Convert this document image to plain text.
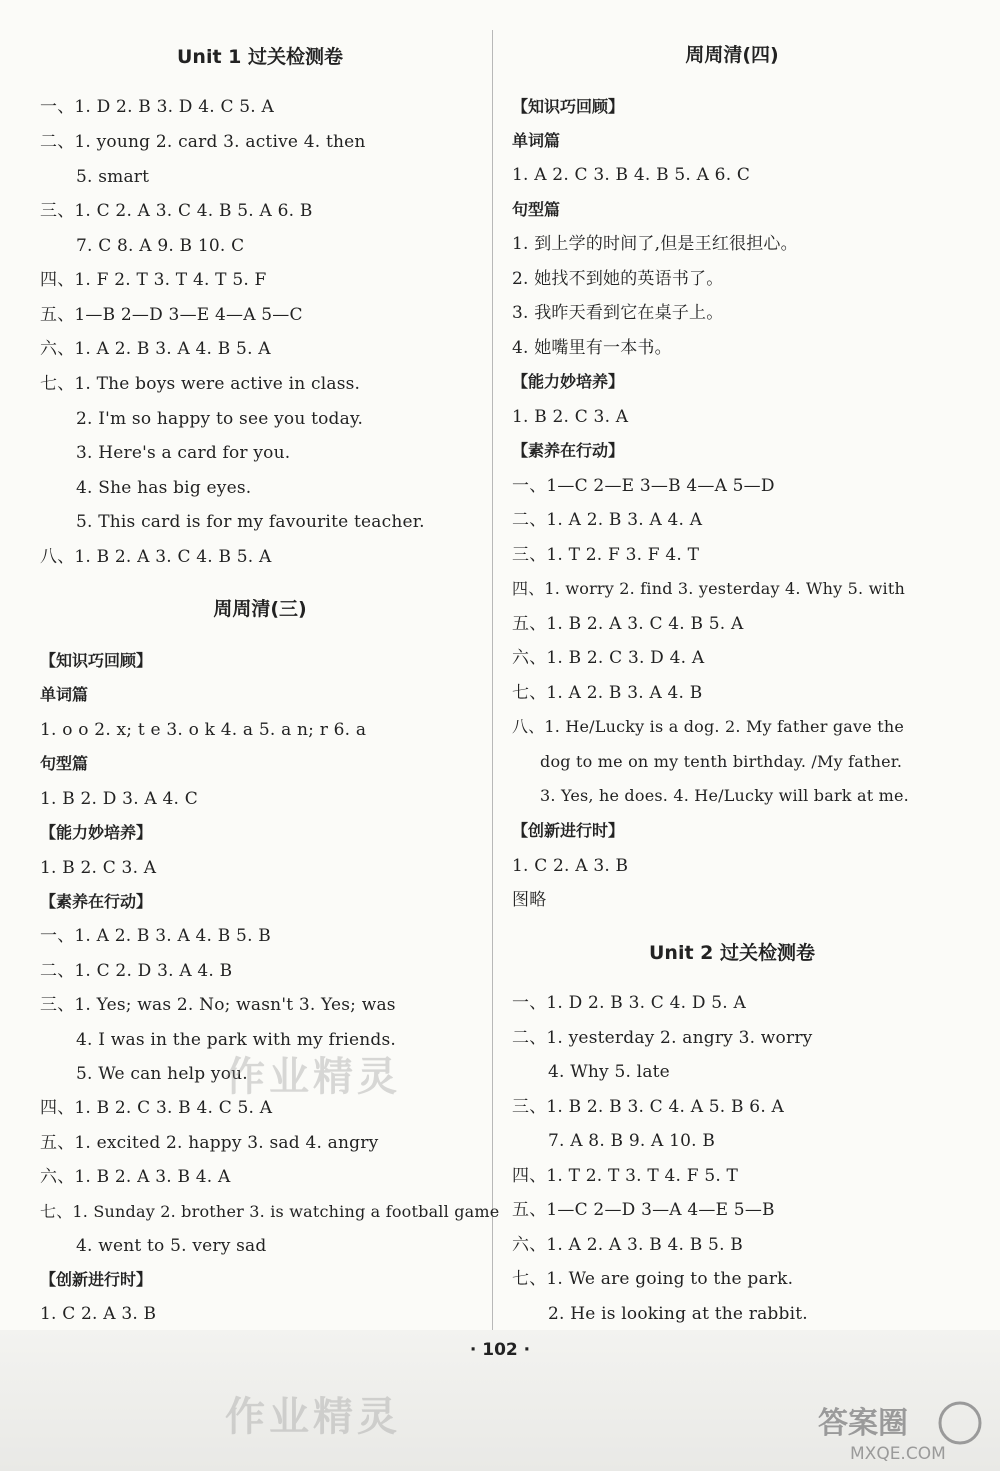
Unit 1 过关检测卷
一、1. D 2. B 3. D 4. C 5. A
二、1. young 2. card 3. active 4. then
5. smart
三、1. C 2. A 3. C 4. B 5. A 6. B
7. C 8. A 9. B 10. C
四、1. F 2. T 3. T 4. T 5. F
五、1—B 2—D 3—E 4—A 5—C
六、1. A 2. B 3. A 4. B 5. A
七、1. The boys were active in class.
2. I'm so happy to see you today.
3. Here's a card for you.
4. She has big eyes.
5. This card is for my favourite teacher.
八、1. B 2. A 3. C 4. B 5. A
周周清(三)
【知识巧回顾】
单词篇
1. o o 2. x; t e 3. o k 4. a 5. a n; r 6. a
句型篇
1. B 2. D 3. A 4. C
【能力妙培养】
1. B 2. C 3. A
【素养在行动】
一、1. A 2. B 3. A 4. B 5. B
二、1. C 2. D 3. A 4. B
三、1. Yes; was 2. No; wasn't 3. Yes; was
4. I was in the park with my friends.
5. We can help you.
四、1. B 2. C 3. B 4. C 5. A
五、1. excited 2. happy 3. sad 4. angry
六、1. B 2. A 3. B 4. A
七、1. Sunday 2. brother 3. is watching a football game
4. went to 5. very sad
【创新进行时】
1. C 2. A 3. B
周周清(四)
【知识巧回顾】
单词篇
1. A 2. C 3. B 4. B 5. A 6. C
句型篇
1. 到上学的时间了,但是王红很担心。
2. 她找不到她的英语书了。
3. 我昨天看到它在桌子上。
4. 她嘴里有一本书。
【能力妙培养】
1. B 2. C 3. A
【素养在行动】
一、1—C 2—E 3—B 4—A 5—D
二、1. A 2. B 3. A 4. A
三、1. T 2. F 3. F 4. T
四、1. worry 2. find 3. yesterday 4. Why 5. with
五、1. B 2. A 3. C 4. B 5. A
六、1. B 2. C 3. D 4. A
七、1. A 2. B 3. A 4. B
八、1. He/Lucky is a dog. 2. My father gave the
dog to me on my tenth birthday. /My father.
3. Yes, he does. 4. He/Lucky will bark at me.
【创新进行时】
1. C 2. A 3. B
图略
Unit 2 过关检测卷
一、1. D 2. B 3. C 4. D 5. A
二、1. yesterday 2. angry 3. worry
4. Why 5. late
三、1. B 2. B 3. C 4. A 5. B 6. A
7. A 8. B 9. A 10. B
四、1. T 2. T 3. T 4. F 5. T
五、1—C 2—D 3—A 4—E 5—B
六、1. A 2. A 3. B 4. B 5. B
七、1. We are going to the park.
2. He is looking at the rabbit.
· 102 ·
作业精灵
作业精灵	答案圈
MXQE.COM
